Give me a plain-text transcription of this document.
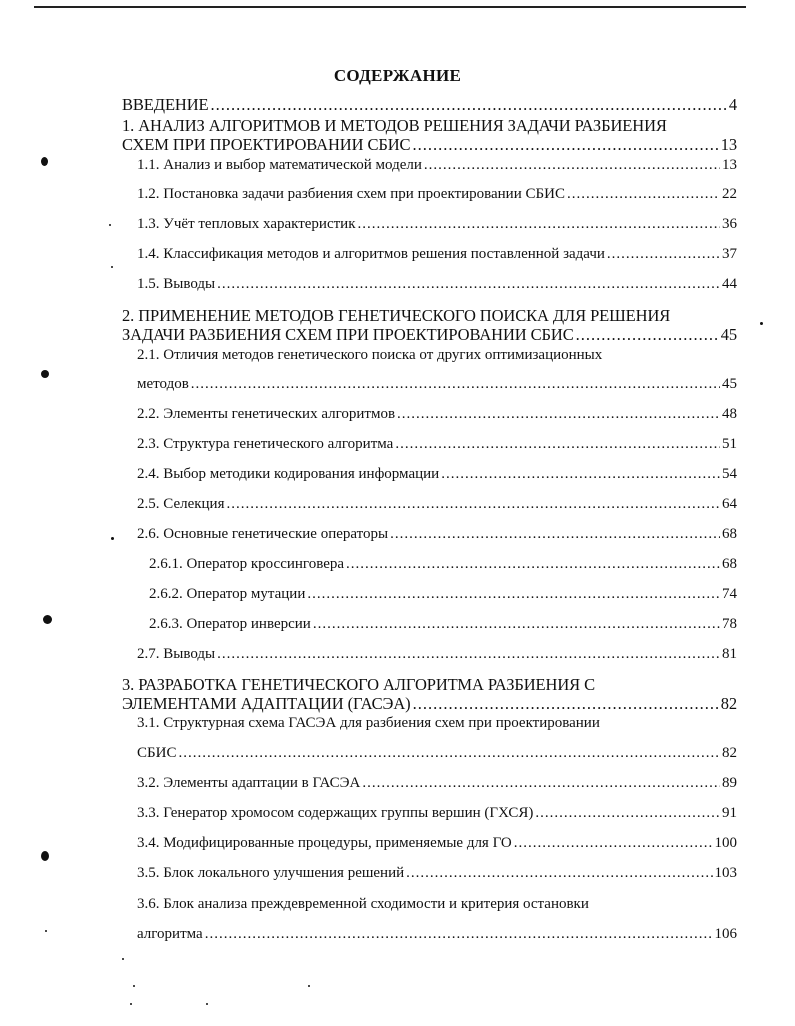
СОДЕРЖАНИЕ
ВВЕДЕНИЕ .....	4
1. АНАЛИЗ АЛГОРИТМОВ И МЕТОДОВ РЕШЕНИЯ ЗАДАЧИ РАЗБИЕНИЯ
СХЕМ ПРИ ПРОЕКТИРОВАНИИ СБИС .....	13
1.1. Анализ и выбор математической модели .....	13
1.2. Постановка задачи разбиения схем при проектировании СБИС .....	22
1.3. Учёт тепловых характеристик .....	36
1.4. Классификация методов и алгоритмов решения поставленной задачи .....	37
1.5. Выводы .....	44
2. ПРИМЕНЕНИЕ МЕТОДОВ ГЕНЕТИЧЕСКОГО ПОИСКА ДЛЯ РЕШЕНИЯ
ЗАДАЧИ РАЗБИЕНИЯ СХЕМ ПРИ ПРОЕКТИРОВАНИИ СБИС .....	45
2.1. Отличия методов генетического поиска от других оптимизационных
методов .....	45
2.2. Элементы генетических алгоритмов .....	48
2.3. Структура генетического алгоритма .....	51
2.4. Выбор методики кодирования информации .....	54
2.5. Селекция .....	64
2.6. Основные генетические операторы .....	68
2.6.1. Оператор кроссинговера .....	68
2.6.2. Оператор мутации .....	74
2.6.3. Оператор инверсии .....	78
2.7. Выводы .....	81
3. РАЗРАБОТКА ГЕНЕТИЧЕСКОГО АЛГОРИТМА РАЗБИЕНИЯ С
ЭЛЕМЕНТАМИ АДАПТАЦИИ (ГАСЭА) .....	82
3.1. Структурная схема ГАСЭА для разбиения схем при проектировании
СБИС .....	82
3.2. Элементы адаптации в ГАСЭА .....	89
3.3. Генератор хромосом содержащих группы вершин (ГХСЯ) .....	91
3.4. Модифицированные процедуры, применяемые для ГО .....	100
3.5. Блок локального улучшения решений .....	103
3.6. Блок анализа преждевременной сходимости и критерия остановки
алгоритма .....	106
